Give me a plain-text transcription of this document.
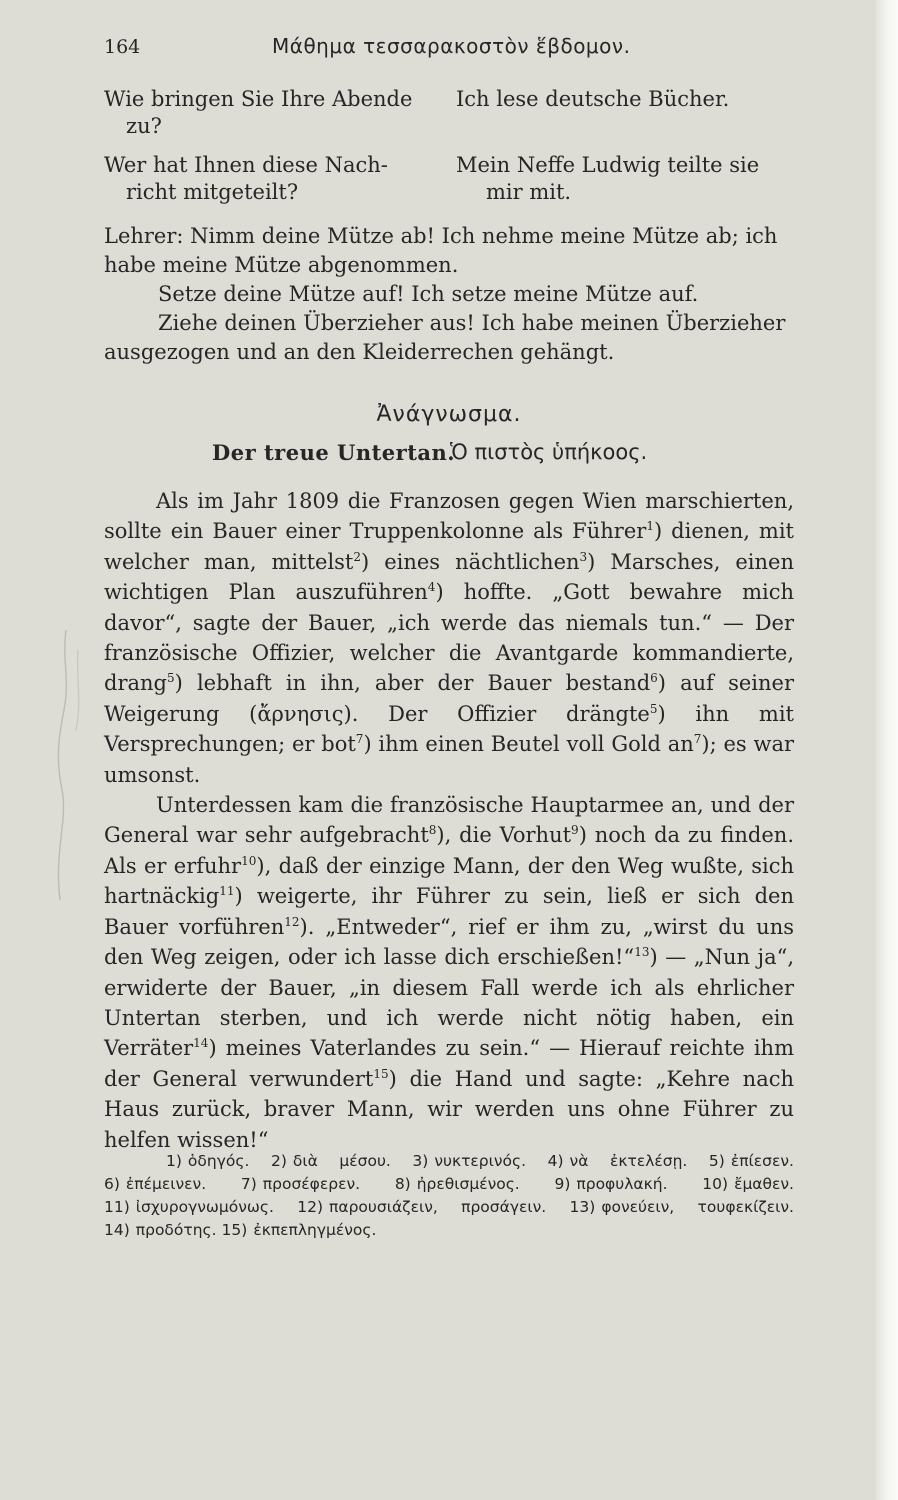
164	Μάθημα τεσσαρακοστὸν ἕβδομον.
Wie bringen Sie Ihre Abende
zu?
Ich lese deutsche Bücher.
Wer hat Ihnen diese Nach-
richt mitgeteilt?
Mein Neffe Ludwig teilte sie
mir mit.

Lehrer: Nimm deine Mütze ab! Ich nehme meine Mütze ab; ich habe meine Mütze abgenommen.

Setze deine Mütze auf! Ich setze meine Mütze auf.

Ziehe deinen Überzieher aus! Ich habe meinen Überzieher ausgezogen und an den Kleiderrechen gehängt.

Ἀνάγνωσμα.
Der treue Untertan.
Ὁ πιστὸς ὑπήκοος.

Als im Jahr 1809 die Franzosen gegen Wien marschierten, sollte ein Bauer einer Truppenkolonne als Führer$^1$) dienen, mit welcher man, mittelst$^2$) eines nächtlichen$^3$) Marsches, einen wichtigen Plan auszuführen$^4$) hoffte. „Gott bewahre mich davor“, sagte der Bauer, „ich werde das niemals tun.“ — Der französische Offizier, welcher die Avantgarde kommandierte, drang$^5$) lebhaft in ihn, aber der Bauer bestand$^6$) auf seiner Weigerung (ἄρνησις). Der Offizier drängte$^5$) ihn mit Versprechungen; er bot$^7$) ihm einen Beutel voll Gold $an^7$); es war umsonst.

Unterdessen kam die französische Hauptarmee an, und der General war sehr aufgebracht$^8$), die Vorhut$^9$) noch da zu finden. Als er erfuhr$^{10}$), daß der einzige Mann, der den Weg wußte, sich hartnäckig$^{11}$) weigerte, ihr Führer zu sein, ließ er sich den Bauer vorführen$^{12}$). „Entweder“, rief er ihm zu, „wirst du uns den Weg zeigen, oder ich lasse dich erschießen!“$^{13}$) — „Nun ja“, erwiderte der Bauer, „in diesem Fall werde ich als ehrlicher Untertan sterben, und ich werde nicht nötig haben, ein Verräter$^{14}$) meines Vaterlandes zu sein.“ — Hierauf reichte ihm der General verwundert$^{15}$) die Hand und sagte: „Kehre nach Haus zurück, braver Mann, wir werden uns ohne Führer zu helfen wissen!“

1) ὁδηγός. 2) διὰ μέσου. 3) νυκτερινός. 4) νὰ ἐκτελέσῃ. 5) ἐπίεσεν. 6) ἐπέμεινεν. 7) προσέφερεν. 8) ἠρεθισμένος. 9) προφυλακή. 10) ἔμαθεν. 11) ἰσχυρογνωμόνως. 12) παρουσιάζειν, προσάγειν. 13) φονεύειν, τουφεκίζειν. 14) προδότης. 15) ἐκπεπληγμένος.
